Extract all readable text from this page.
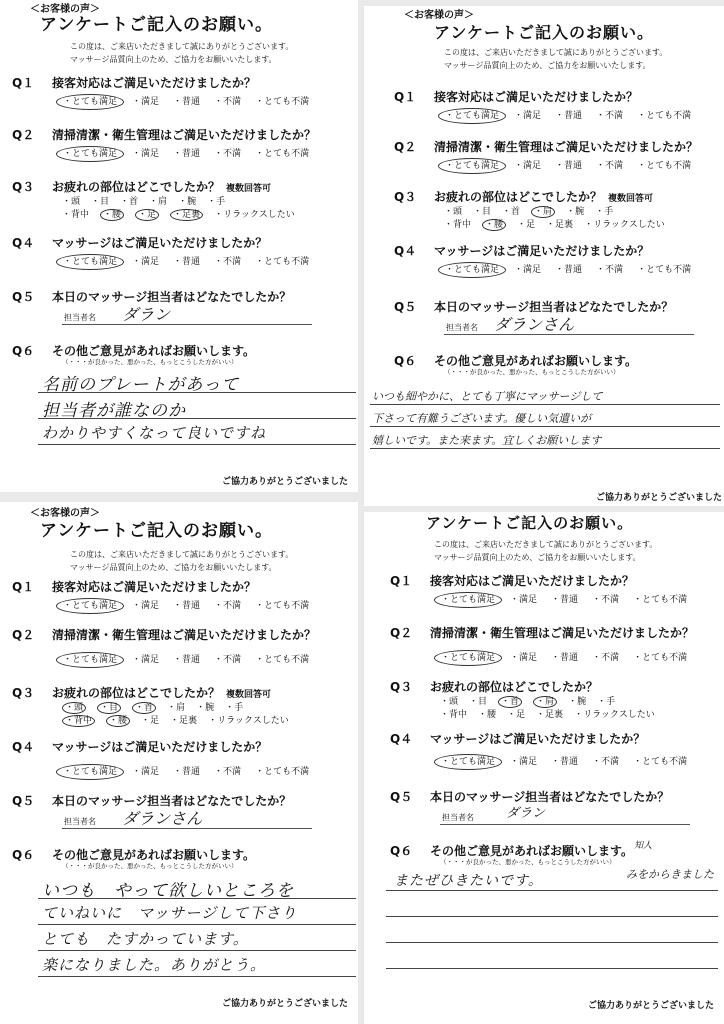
＜お客様の声＞
アンケートご記入のお願い。
この度は、ご来店いただきまして誠にありがとうございます。
マッサージ品質向上のため、ご協力をお願いいたします。
Q１ 接客対応はご満足いただけましたか？
・とても満足 ・満足 ・普通 ・不満 ・とても不満
Q２ 清掃清潔・衛生管理はご満足いただけましたか？
・とても満足 ・満足 ・普通 ・不満 ・とても不満
Q３ お疲れの部位はどこでしたか？ 複数回答可
・頭 ・目 ・首 ・肩 ・腕 ・手
・背中 ・腰 ・足 ・足裏 ・リラックスしたい
Q４ マッサージはご満足いただけましたか？
・とても満足 ・満足 ・普通 ・不満 ・とても不満
Q５ 本日のマッサージ担当者はどなたでしたか？
担当者名 ダラン
Q６ その他ご意見があればお願いします。
（・・・が良かった、悪かった、もっとこうした方がいい）
名前のプレートがあって
担当者が誰なのか
わかりやすくなって良いですね
ご協力ありがとうございました
＜お客様の声＞
アンケートご記入のお願い。
この度は、ご来店いただきまして誠にありがとうございます。
マッサージ品質向上のため、ご協力をお願いいたします。
Q１ 接客対応はご満足いただけましたか？
・とても満足 ・満足 ・普通 ・不満 ・とても不満
Q２ 清掃清潔・衛生管理はご満足いただけましたか？
・とても満足 ・満足 ・普通 ・不満 ・とても不満
Q３ お疲れの部位はどこでしたか？ 複数回答可
・頭 ・目 ・首 ・肩 ・腕 ・手
・背中 ・腰 ・足 ・足裏 ・リラックスしたい
Q４ マッサージはご満足いただけましたか？
・とても満足 ・満足 ・普通 ・不満 ・とても不満
Q５ 本日のマッサージ担当者はどなたでしたか？
担当者名 ダランさん
Q６ その他ご意見があればお願いします。
（・・・が良かった、悪かった、もっとこうした方がいい）
いつも細やかに、とても丁寧にマッサージして
下さって有難うございます。優しい気遣いが
嬉しいです。また来ます。宜しくお願いします
ご協力ありがとうございました
＜お客様の声＞
アンケートご記入のお願い。
この度は、ご来店いただきまして誠にありがとうございます。
マッサージ品質向上のため、ご協力をお願いいたします。
Q１ 接客対応はご満足いただけましたか？
・とても満足 ・満足 ・普通 ・不満 ・とても不満
Q２ 清掃清潔・衛生管理はご満足いただけましたか？
・とても満足 ・満足 ・普通 ・不満 ・とても不満
Q３ お疲れの部位はどこでしたか？ 複数回答可
・頭 ・目 ・首 ・肩 ・腕 ・手
・背中 ・腰 ・足 ・足裏 ・リラックスしたい
Q４ マッサージはご満足いただけましたか？
・とても満足 ・満足 ・普通 ・不満 ・とても不満
Q５ 本日のマッサージ担当者はどなたでしたか？
担当者名 ダランさん
Q６ その他ご意見があればお願いします。
（・・・が良かった、悪かった、もっとこうした方がいい）
いつも　やって欲しいところを
ていねいに　マッサージして下さり
とても　たすかっています。
楽になりました。ありがとう。
ご協力ありがとうございました
アンケートご記入のお願い。
この度は、ご来店いただきまして誠にありがとうございます。
マッサージ品質向上のため、ご協力をお願いいたします。
Q１ 接客対応はご満足いただけましたか？
・とても満足 ・満足 ・普通 ・不満 ・とても不満
Q２ 清掃清潔・衛生管理はご満足いただけましたか？
・とても満足 ・満足 ・普通 ・不満 ・とても不満
Q３ お疲れの部位はどこでしたか？
・頭 ・目 ・首 ・肩 ・腕 ・手
・背中 ・腰 ・足 ・足裏 ・リラックスしたい
Q４ マッサージはご満足いただけましたか？
・とても満足 ・満足 ・普通 ・不満 ・とても不満
Q５ 本日のマッサージ担当者はどなたでしたか？
担当者名 ダラン
Q６ その他ご意見があればお願いします。
（・・・が良かった、悪かった、もっとこうした方がいい）
知人
みをからきました
またぜひきたいです。
ご協力ありがとうございました
